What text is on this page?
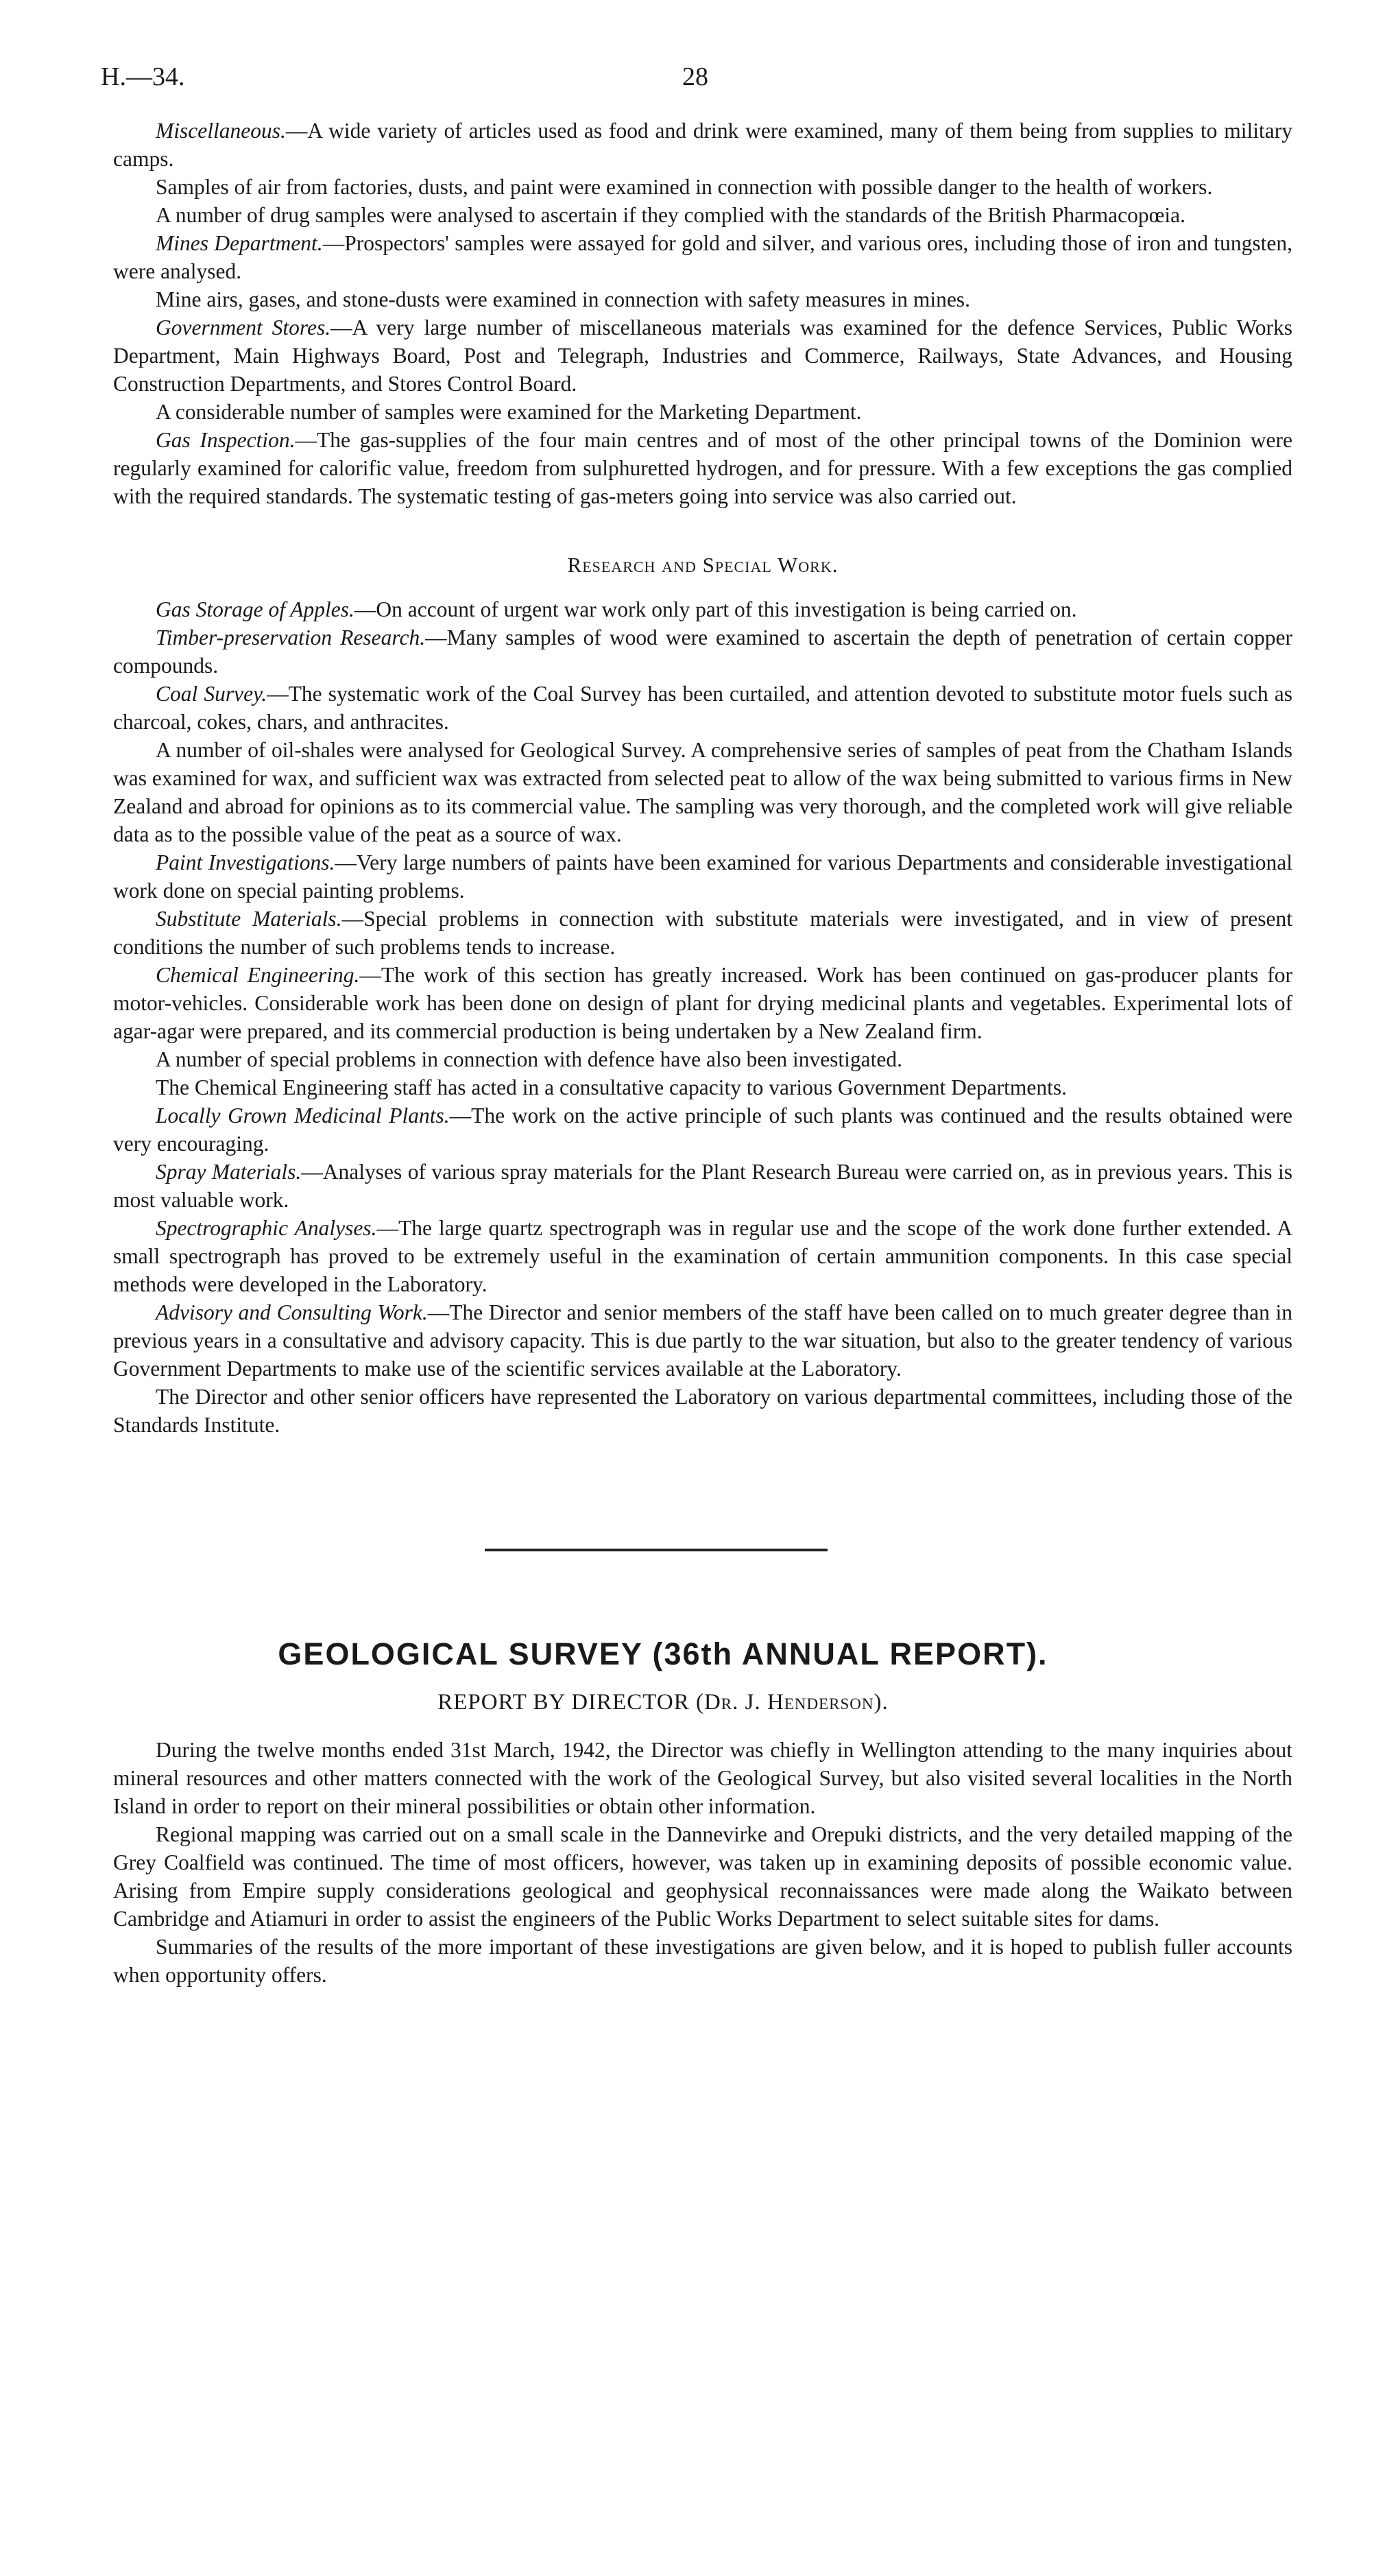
H.—34.	28

Miscellaneous.—A wide variety of articles used as food and drink were examined, many of them being from supplies to military camps.

Samples of air from factories, dusts, and paint were examined in connection with possible danger to the health of workers.

A number of drug samples were analysed to ascertain if they complied with the standards of the British Pharmacopœia.

Mines Department.—Prospectors' samples were assayed for gold and silver, and various ores, including those of iron and tungsten, were analysed.

Mine airs, gases, and stone-dusts were examined in connection with safety measures in mines.

Government Stores.—A very large number of miscellaneous materials was examined for the defence Services, Public Works Department, Main Highways Board, Post and Telegraph, Industries and Commerce, Railways, State Advances, and Housing Construction Departments, and Stores Control Board.

A considerable number of samples were examined for the Marketing Department.

Gas Inspection.—The gas-supplies of the four main centres and of most of the other principal towns of the Dominion were regularly examined for calorific value, freedom from sulphuretted hydrogen, and for pressure. With a few exceptions the gas complied with the required standards. The systematic testing of gas-meters going into service was also carried out.

Research and Special Work.

Gas Storage of Apples.—On account of urgent war work only part of this investigation is being carried on.

Timber-preservation Research.—Many samples of wood were examined to ascertain the depth of penetration of certain copper compounds.

Coal Survey.—The systematic work of the Coal Survey has been curtailed, and attention devoted to substitute motor fuels such as charcoal, cokes, chars, and anthracites.

A number of oil-shales were analysed for Geological Survey. A comprehensive series of samples of peat from the Chatham Islands was examined for wax, and sufficient wax was extracted from selected peat to allow of the wax being submitted to various firms in New Zealand and abroad for opinions as to its commercial value. The sampling was very thorough, and the completed work will give reliable data as to the possible value of the peat as a source of wax.

Paint Investigations.—Very large numbers of paints have been examined for various Departments and considerable investigational work done on special painting problems.

Substitute Materials.—Special problems in connection with substitute materials were investigated, and in view of present conditions the number of such problems tends to increase.

Chemical Engineering.—The work of this section has greatly increased. Work has been continued on gas-producer plants for motor-vehicles. Considerable work has been done on design of plant for drying medicinal plants and vegetables. Experimental lots of agar-agar were prepared, and its commercial production is being undertaken by a New Zealand firm.

A number of special problems in connection with defence have also been investigated.

The Chemical Engineering staff has acted in a consultative capacity to various Government Departments.

Locally Grown Medicinal Plants.—The work on the active principle of such plants was continued and the results obtained were very encouraging.

Spray Materials.—Analyses of various spray materials for the Plant Research Bureau were carried on, as in previous years. This is most valuable work.

Spectrographic Analyses.—The large quartz spectrograph was in regular use and the scope of the work done further extended. A small spectrograph has proved to be extremely useful in the examination of certain ammunition components. In this case special methods were developed in the Laboratory.

Advisory and Consulting Work.—The Director and senior members of the staff have been called on to much greater degree than in previous years in a consultative and advisory capacity. This is due partly to the war situation, but also to the greater tendency of various Government Departments to make use of the scientific services available at the Laboratory.

The Director and other senior officers have represented the Laboratory on various departmental committees, including those of the Standards Institute.

GEOLOGICAL SURVEY (36th ANNUAL REPORT).
REPORT BY DIRECTOR (Dr. J. Henderson).

During the twelve months ended 31st March, 1942, the Director was chiefly in Wellington attending to the many inquiries about mineral resources and other matters connected with the work of the Geological Survey, but also visited several localities in the North Island in order to report on their mineral possibilities or obtain other information.

Regional mapping was carried out on a small scale in the Dannevirke and Orepuki districts, and the very detailed mapping of the Grey Coalfield was continued. The time of most officers, however, was taken up in examining deposits of possible economic value. Arising from Empire supply considerations geological and geophysical reconnaissances were made along the Waikato between Cambridge and Atiamuri in order to assist the engineers of the Public Works Department to select suitable sites for dams.

Summaries of the results of the more important of these investigations are given below, and it is hoped to publish fuller accounts when opportunity offers.
